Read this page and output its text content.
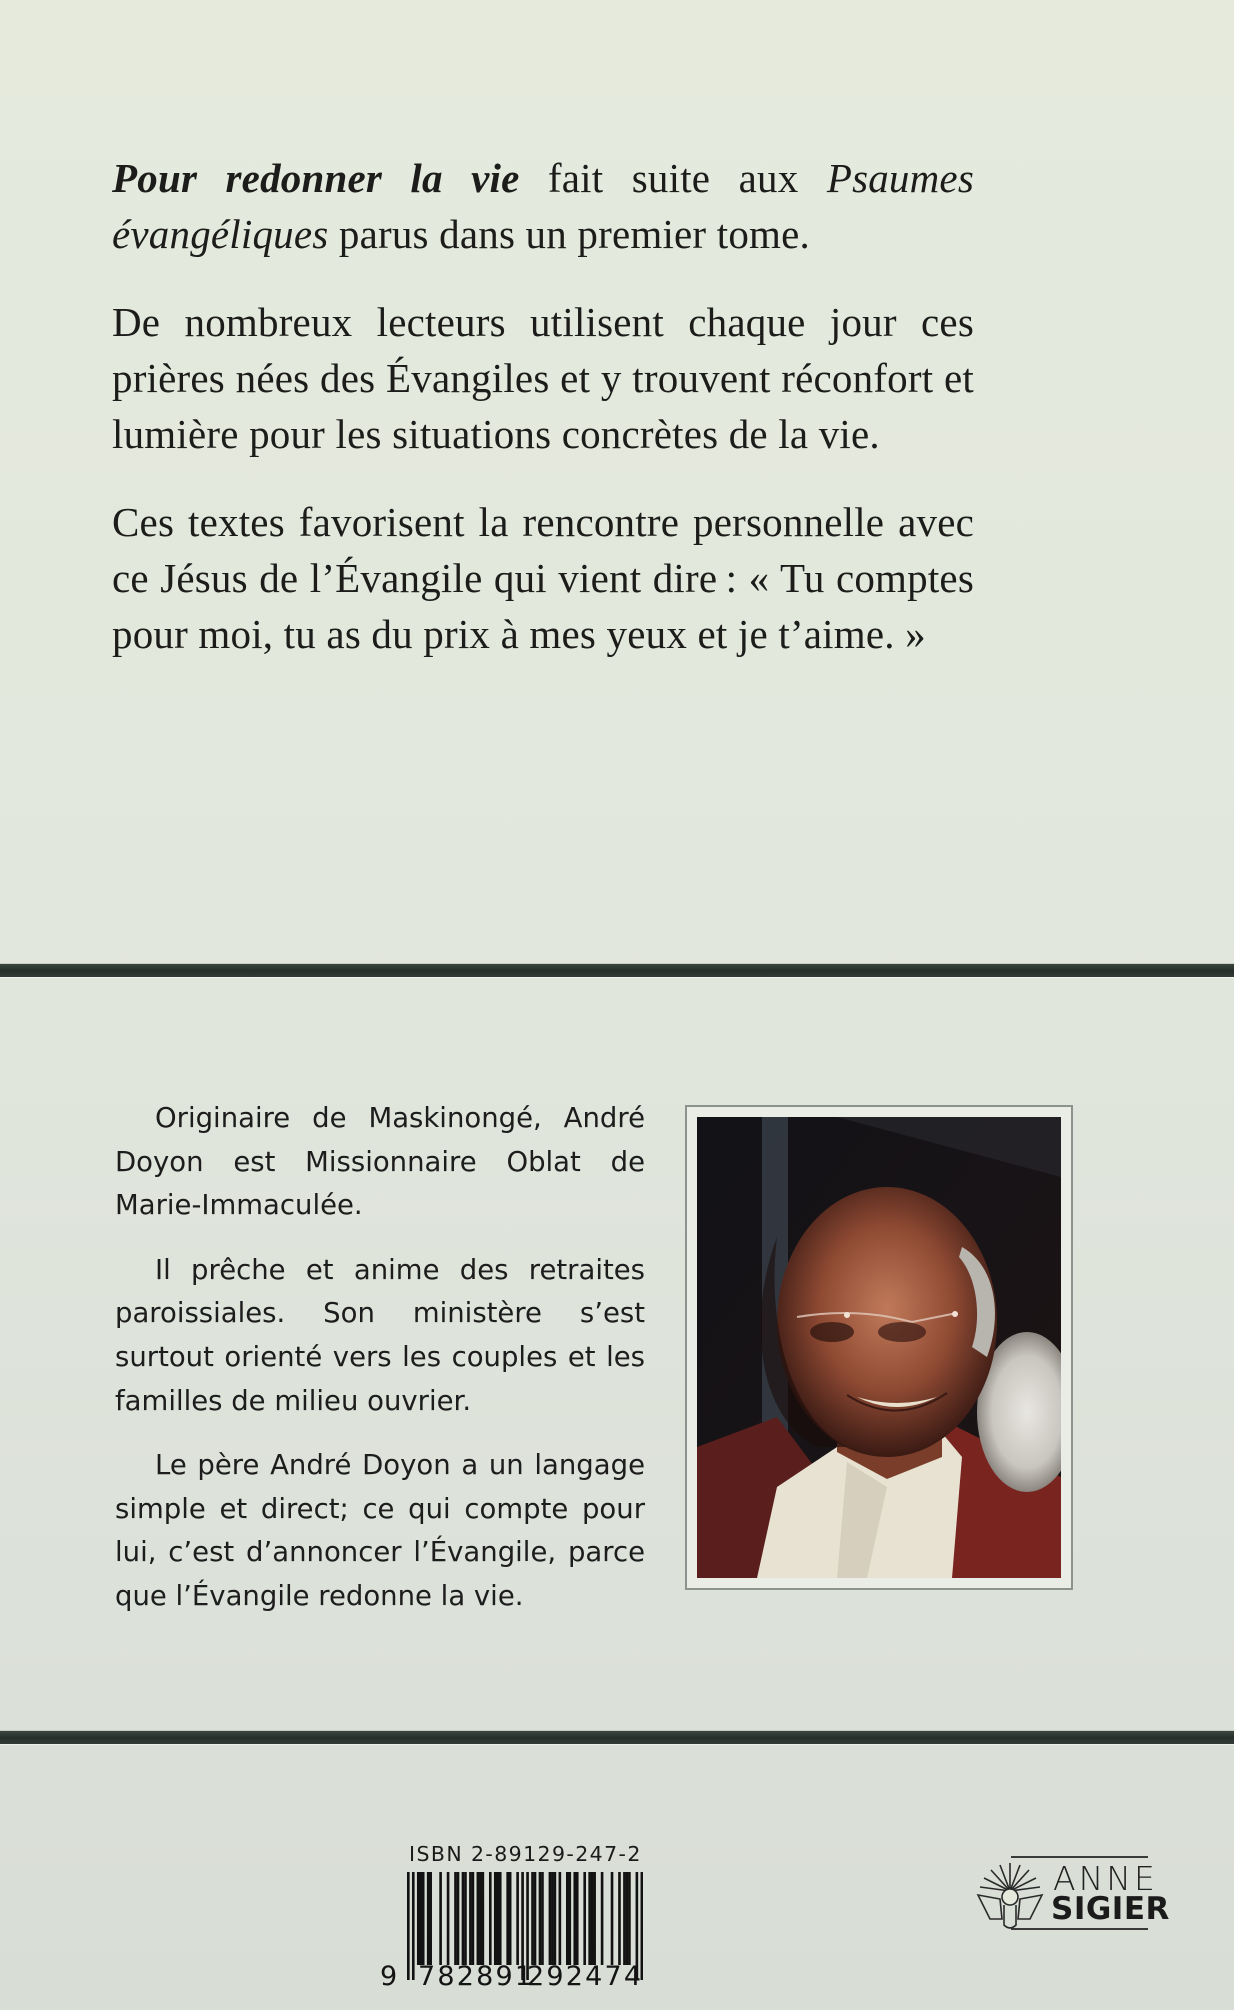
Pour redonner la vie fait suite aux Psaumes évangéliques parus dans un premier tome.

De nombreux lecteurs utilisent chaque jour ces prières nées des Évangiles et y trouvent réconfort et lumière pour les situations concrètes de la vie.

Ces textes favorisent la rencontre personnelle avec ce Jésus de l’Évangile qui vient dire : « Tu comptes pour moi, tu as du prix à mes yeux et je t’aime. »

Originaire de Maskinongé, André Doyon est Missionnaire Oblat de Marie-Immaculée.

Il prêche et anime des retraites paroissiales. Son ministère s’est surtout orienté vers les couples et les familles de milieu ouvrier.

Le père André Doyon a un langage simple et direct; ce qui compte pour lui, c’est d’annoncer l’Évangile, parce que l’Évangile redonne la vie.

ISBN 2-89129-247-2
9 782891
292474
ANNE
SIGIER
